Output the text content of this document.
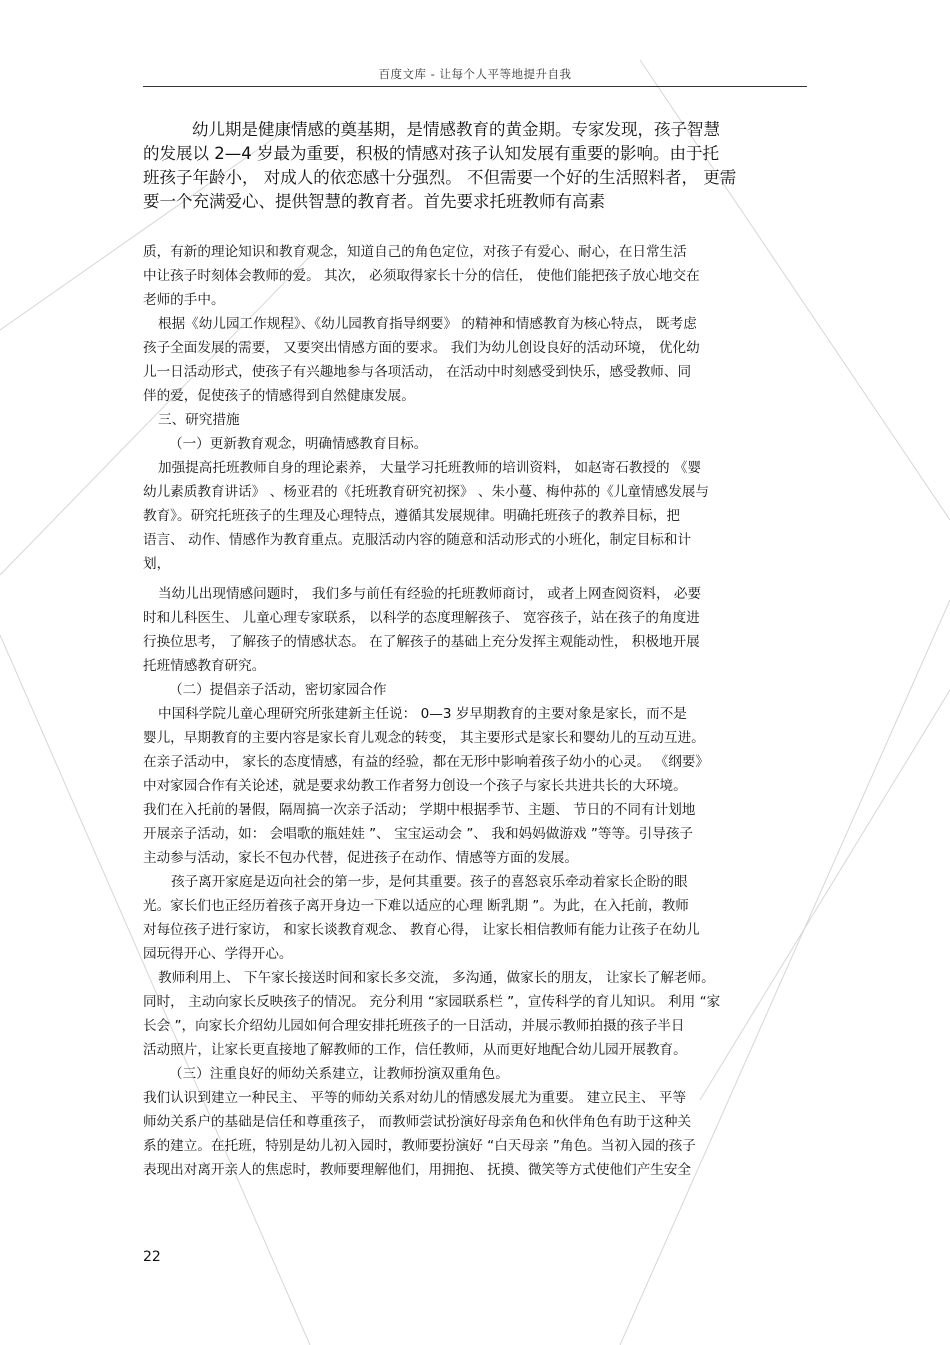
百度文库 - 让每个人平等地提升自我
幼儿期是健康情感的奠基期，是情感教育的黄金期。专家发现，孩子智慧
的发展以 2—4 岁最为重要，积极的情感对孩子认知发展有重要的影响。由于托
班孩子年龄小， 对成人的依恋感十分强烈。 不但需要一个好的生活照料者， 更需
要一个充满爱心、提供智慧的教育者。首先要求托班教师有高素
质，有新的理论知识和教育观念，知道自己的角色定位，对孩子有爱心、耐心，在日常生活
中让孩子时刻体会教师的爱。 其次， 必须取得家长十分的信任， 使他们能把孩子放心地交在
老师的手中。
根据《幼儿园工作规程》、《幼儿园教育指导纲要》 的精神和情感教育为核心特点， 既考虑
孩子全面发展的需要， 又要突出情感方面的要求。 我们为幼儿创设良好的活动环境， 优化幼
儿一日活动形式，使孩子有兴趣地参与各项活动， 在活动中时刻感受到快乐，感受教师、同
伴的爱，促使孩子的情感得到自然健康发展。
三、研究措施
（一）更新教育观念，明确情感教育目标。
加强提高托班教师自身的理论素养， 大量学习托班教师的培训资料， 如赵寄石教授的 《婴
幼儿素质教育讲话》 、杨亚君的《托班教育研究初探》 、朱小蔓、梅仲荪的《儿童情感发展与
教育》。研究托班孩子的生理及心理特点，遵循其发展规律。明确托班孩子的教养目标，把
语言、 动作、情感作为教育重点。克服活动内容的随意和活动形式的小班化，制定目标和计
划，
当幼儿出现情感问题时， 我们多与前任有经验的托班教师商讨， 或者上网查阅资料， 必要
时和儿科医生、 儿童心理专家联系， 以科学的态度理解孩子、 宽容孩子，站在孩子的角度进
行换位思考， 了解孩子的情感状态。 在了解孩子的基础上充分发挥主观能动性， 积极地开展
托班情感教育研究。
（二）提倡亲子活动，密切家园合作
中国科学院儿童心理研究所张建新主任说： 0—3 岁早期教育的主要对象是家长，而不是
婴儿，早期教育的主要内容是家长育儿观念的转变， 其主要形式是家长和婴幼儿的互动互进。
在亲子活动中， 家长的态度情感，有益的经验，都在无形中影响着孩子幼小的心灵。 《纲要》
中对家园合作有关论述，就是要求幼教工作者努力创设一个孩子与家长共进共长的大环境。
我们在入托前的暑假，隔周搞一次亲子活动； 学期中根据季节、主题、 节日的不同有计划地
开展亲子活动，如： 会唱歌的瓶娃娃 ”、 宝宝运动会 ”、 我和妈妈做游戏 ”等等。引导孩子
主动参与活动，家长不包办代替，促进孩子在动作、情感等方面的发展。
孩子离开家庭是迈向社会的第一步，是何其重要。孩子的喜怒哀乐牵动着家长企盼的眼
光。家长们也正经历着孩子离开身边一下难以适应的心理 断乳期 ”。为此，在入托前，教师
对每位孩子进行家访， 和家长谈教育观念、 教育心得， 让家长相信教师有能力让孩子在幼儿
园玩得开心、学得开心。
教师利用上、 下午家长接送时间和家长多交流， 多沟通，做家长的朋友， 让家长了解老师。
同时， 主动向家长反映孩子的情况。 充分利用 “家园联系栏 ”，宣传科学的育儿知识。 利用 “家
长会 ”，向家长介绍幼儿园如何合理安排托班孩子的一日活动，并展示教师拍摄的孩子半日
活动照片，让家长更直接地了解教师的工作，信任教师，从而更好地配合幼儿园开展教育。
（三）注重良好的师幼关系建立，让教师扮演双重角色。
我们认识到建立一种民主、 平等的师幼关系对幼儿的情感发展尤为重要。 建立民主、 平等
师幼关系户的基础是信任和尊重孩子， 而教师尝试扮演好母亲角色和伙伴角色有助于这种关
系的建立。在托班，特别是幼儿初入园时，教师要扮演好 “白天母亲 ”角色。当初入园的孩子
表现出对离开亲人的焦虑时，教师要理解他们，用拥抱、 抚摸、微笑等方式使他们产生安全
22
